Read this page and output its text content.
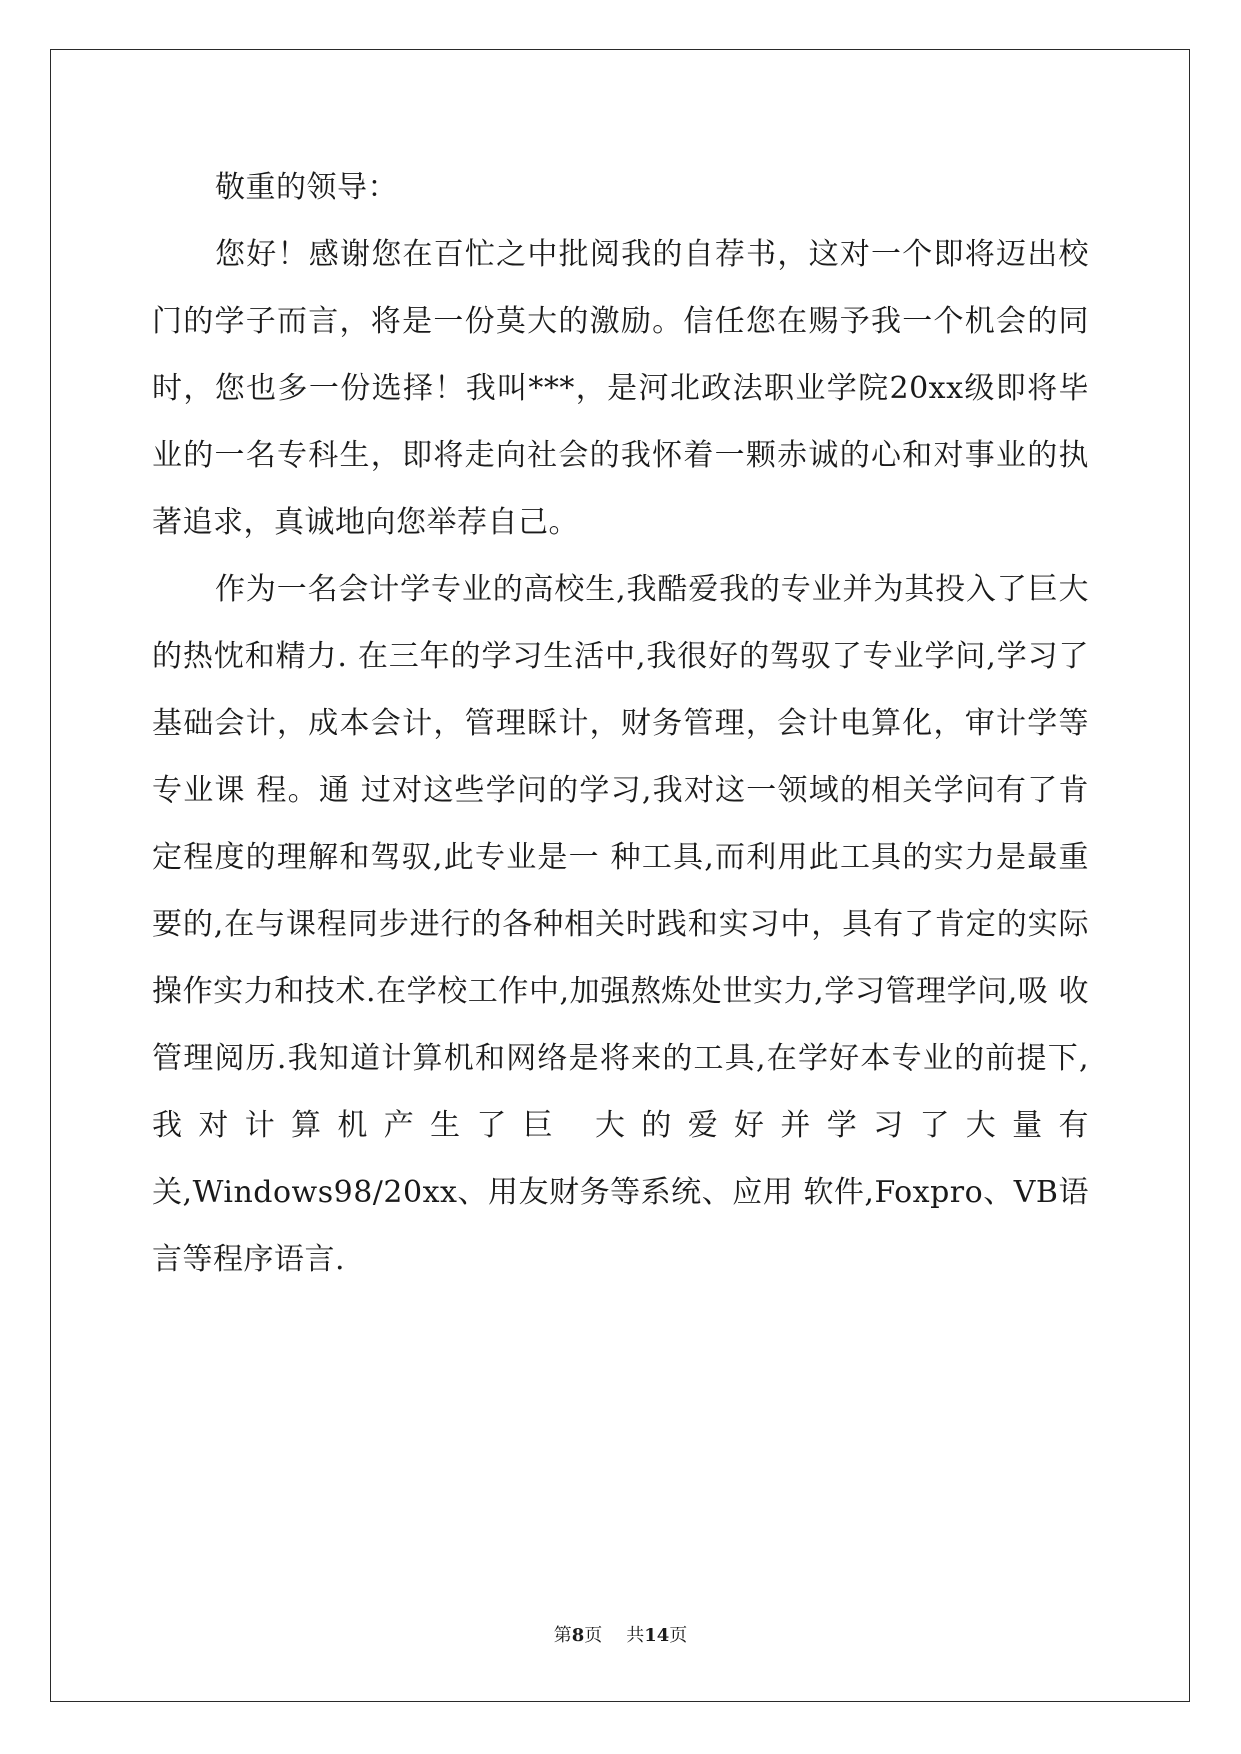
敬重的领导：

您好！感谢您在百忙之中批阅我的自荐书，这对一个即将迈出校门的学子而言，将是一份莫大的激励。信任您在赐予我一个机会的同时，您也多一份选择！我叫***，是河北政法职业学院20xx级即将毕业的一名专科生，即将走向社会的我怀着一颗赤诚的心和对事业的执著追求，真诚地向您举荐自己。

作为一名会计学专业的高校生,我酷爱我的专业并为其投入了巨大的热忱和精力. 在三年的学习生活中,我很好的驾驭了专业学问,学习了基础会计，成本会计，管理睬计，财务管理，会计电算化，审计学等专业课 程。通 过对这些学问的学习,我对这一领域的相关学问有了肯定程度的理解和驾驭,此专业是一 种工具,而利用此工具的实力是最重要的,在与课程同步进行的各种相关时践和实习中，具有了肯定的实际操作实力和技术.在学校工作中,加强熬炼处世实力,学习管理学问,吸 收管理阅历.我知道计算机和网络是将来的工具,在学好本专业的前提下,我对计算机产生了巨 大的爱好并学习了大量有关,Windows98/20xx、用友财务等系统、应用 软件,Foxpro、VB语言等程序语言.

第8页 共14页
